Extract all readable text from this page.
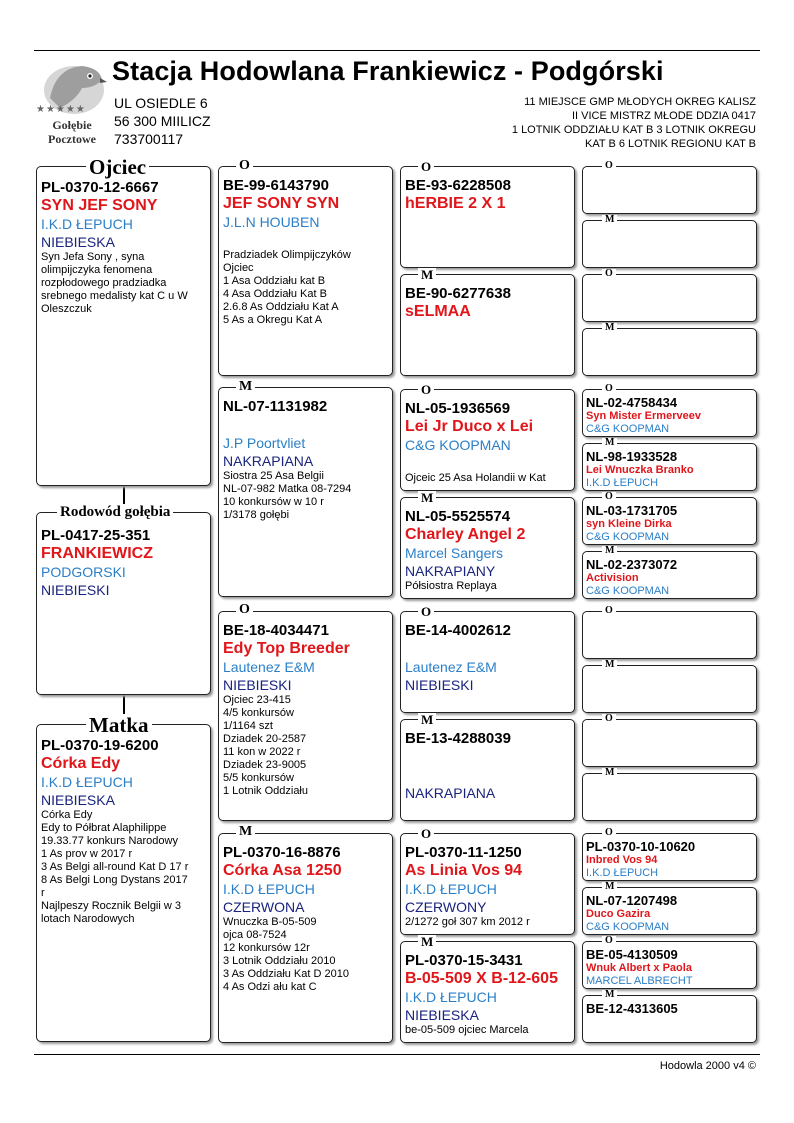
★★★★★
Gołębie
Pocztowe
Stacja Hodowlana Frankiewicz - Podgórski
UL OSIEDLE 6
56 300 MIILICZ
733700117
11 MIEJSCE GMP MŁODYCH OKREG KALISZ
II VICE MISTRZ MŁODE DDZIA 0417
1 LOTNIK ODDZIAŁU KAT B 3 LOTNIK OKREGU
KAT B 6 LOTNIK REGIONU KAT B
PL-0370-12-6667
SYN JEF SONY
I.K.D ŁEPUCH
NIEBIESKA
Syn Jefa Sony , syna
olimpijczyka fenomena
rozpłodowego pradziadka
srebnego medalisty kat C u W
Oleszczuk
Ojciec
PL-0417-25-351
FRANKIEWICZ
PODGORSKI
NIEBIESKI
Rodowód gołębia
PL-0370-19-6200
Córka Edy
I.K.D ŁEPUCH
NIEBIESKA
Córka Edy
Edy to Półbrat Alaphilippe
19.33.77 konkurs Narodowy
1 As prov w 2017 r
3 As Belgi all-round Kat D 17 r
8 As Belgi Long Dystans 2017
r
Najlpeszy Rocznik Belgii w 3
lotach Narodowych
Matka
BE-99-6143790
JEF SONY SYN
J.L.N HOUBEN
Pradziadek Olimpijczyków
Ojciec
1 Asa Oddziału kat B
4 Asa Oddziału Kat B
2.6.8 As Oddziału Kat A
5 As a Okregu Kat A
O
NL-07-1131982
J.P Poortvliet
NAKRAPIANA
Siostra 25 Asa Belgii
NL-07-982 Matka 08-7294
10 konkursów w 10 r
1/3178 gołębi
M
BE-18-4034471
Edy Top Breeder
Lautenez E&M
NIEBIESKI
Ojciec 23-415
4/5 konkursów
1/1164 szt
Dziadek 20-2587
11 kon w 2022 r
Dziadek 23-9005
5/5 konkursów
1 Lotnik Oddziału
O
PL-0370-16-8876
Córka Asa 1250
I.K.D ŁEPUCH
CZERWONA
Wnuczka B-05-509
ojca 08-7524
12 konkursów 12r
3 Lotnik Oddziału 2010
3 As Oddziału Kat D 2010
4 As Odzi ału kat C
M
BE-93-6228508
hERBIE 2 X 1
O
BE-90-6277638
sELMAA
M
NL-05-1936569
Lei Jr Duco x Lei
C&G KOOPMAN
Ojceic 25 Asa Holandii w Kat
O
NL-05-5525574
Charley Angel 2
Marcel Sangers
NAKRAPIANY
Półsiostra Replaya
M
BE-14-4002612
Lautenez E&M
NIEBIESKI
O
BE-13-4288039
NAKRAPIANA
M
PL-0370-11-1250
As Linia Vos 94
I.K.D ŁEPUCH
CZERWONY
2/1272 goł 307 km 2012 r
O
PL-0370-15-3431
B-05-509 X B-12-605
I.K.D ŁEPUCH
NIEBIESKA
be-05-509 ojciec Marcela
M
O
M
O
M
NL-02-4758434
Syn Mister Ermerveev
C&G KOOPMAN
O
NL-98-1933528
Lei Wnuczka Branko
I.K.D ŁEPUCH
M
NL-03-1731705
syn Kleine Dirka
C&G KOOPMAN
O
NL-02-2373072
Activision
C&G KOOPMAN
M
O
M
O
M
PL-0370-10-10620
Inbred Vos 94
I.K.D ŁEPUCH
O
NL-07-1207498
Duco Gazira
C&G KOOPMAN
M
BE-05-4130509
Wnuk Albert x Paola
MARCEL ALBRECHT
O
BE-12-4313605
M
Hodowla 2000 v4 ©
